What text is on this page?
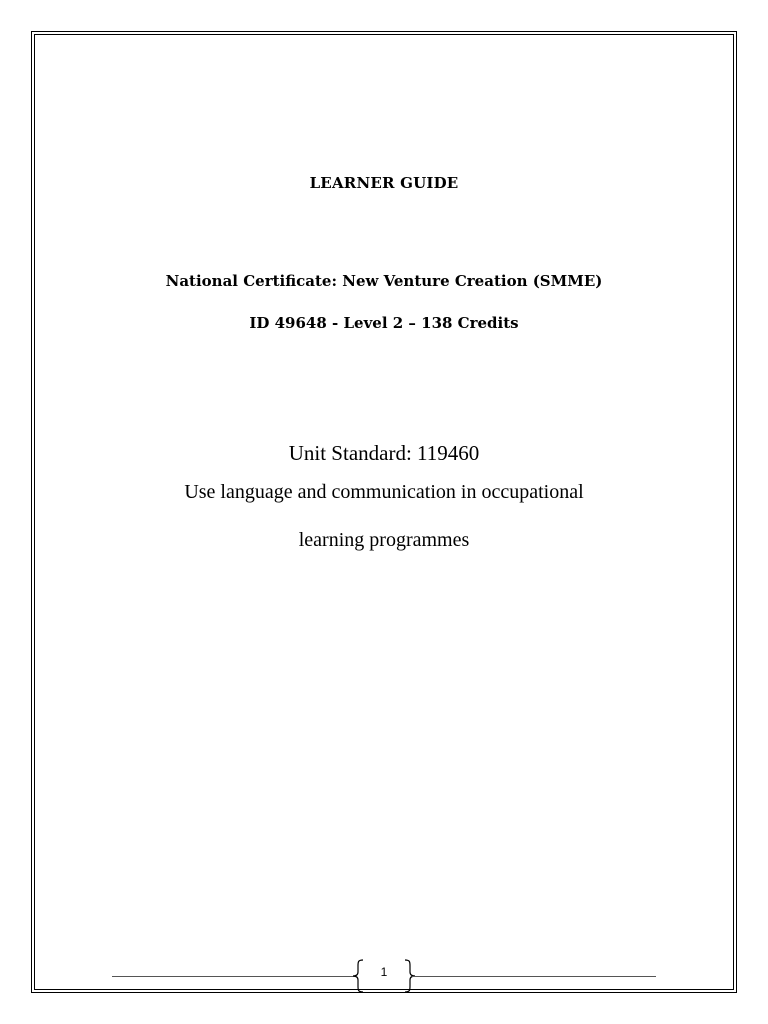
LEARNER GUIDE
National Certificate: New Venture Creation (SMME)
ID 49648 - Level 2 – 138 Credits
Unit Standard: 119460
Use language and communication in occupational
learning programmes
1
